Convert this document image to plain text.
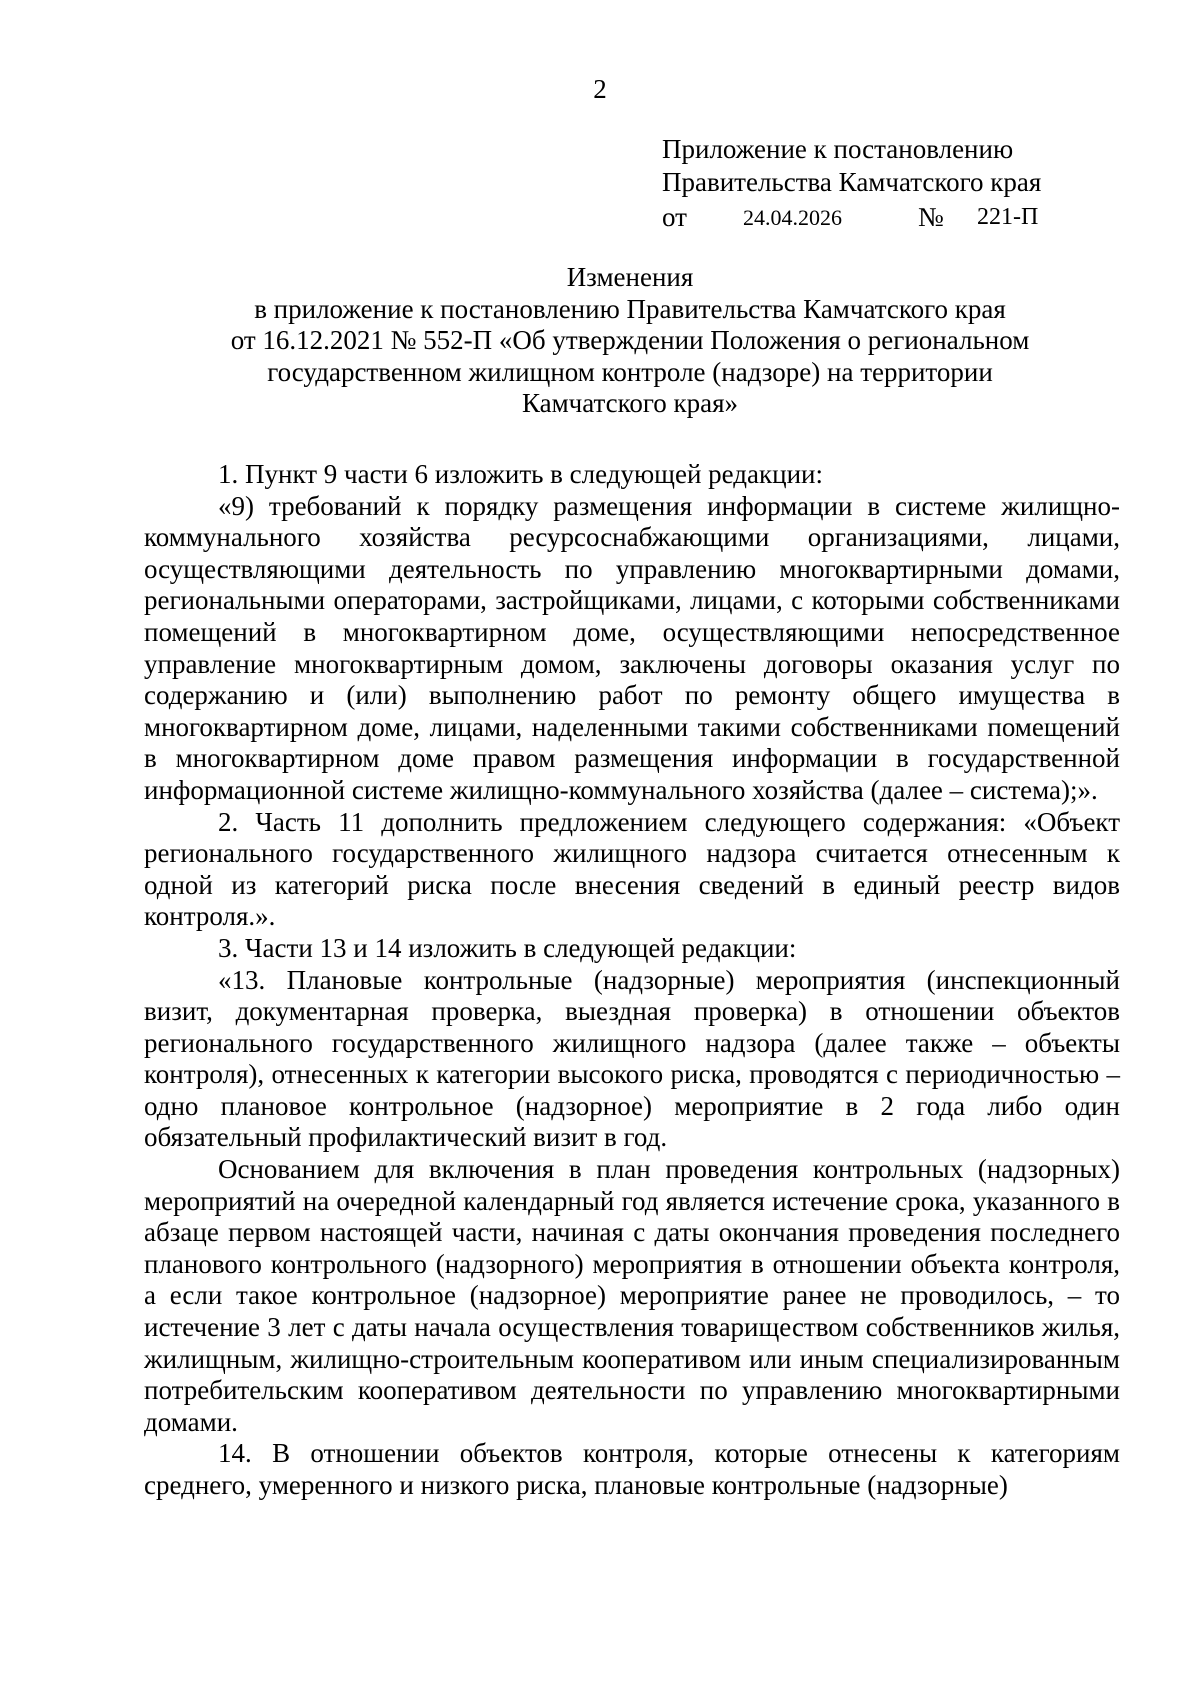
2
Приложение к постановлению
Правительства Камчатского края
от	24.04.2026	№ 221-П
Изменения
в приложение к постановлению Правительства Камчатского края
от 16.12.2021 № 552-П «Об утверждении Положения о региональном
государственном жилищном контроле (надзоре) на территории
Камчатского края»

1. Пункт 9 части 6 изложить в следующей редакции:

«9) требований к порядку размещения информации в системе жилищно-коммунального хозяйства ресурсоснабжающими организациями, лицами, осуществляющими деятельность по управлению многоквартирными домами, региональными операторами, застройщиками, лицами, с которыми собственниками помещений в многоквартирном доме, осуществляющими непосредственное управление многоквартирным домом, заключены договоры оказания услуг по содержанию и (или) выполнению работ по ремонту общего имущества в многоквартирном доме, лицами, наделенными такими собственниками помещений в многоквартирном доме правом размещения информации в государственной информационной системе жилищно-коммунального хозяйства (далее – система);».

2. Часть 11 дополнить предложением следующего содержания: «Объект регионального государственного жилищного надзора считается отнесенным к одной из категорий риска после внесения сведений в единый реестр видов контроля.».

3. Части 13 и 14 изложить в следующей редакции:

«13. Плановые контрольные (надзорные) мероприятия (инспекционный визит, документарная проверка, выездная проверка) в отношении объектов регионального государственного жилищного надзора (далее также – объекты контроля), отнесенных к категории высокого риска, проводятся с периодичностью – одно плановое контрольное (надзорное) мероприятие в 2 года либо один обязательный профилактический визит в год.

Основанием для включения в план проведения контрольных (надзорных) мероприятий на очередной календарный год является истечение срока, указанного в абзаце первом настоящей части, начиная с даты окончания проведения последнего планового контрольного (надзорного) мероприятия в отношении объекта контроля, а если такое контрольное (надзорное) мероприятие ранее не проводилось, – то истечение 3 лет с даты начала осуществления товариществом собственников жилья, жилищным, жилищно-строительным кооперативом или иным специализированным потребительским кооперативом деятельности по управлению многоквартирными домами.

14. В отношении объектов контроля, которые отнесены к категориям среднего, умеренного и низкого риска, плановые контрольные (надзорные)
